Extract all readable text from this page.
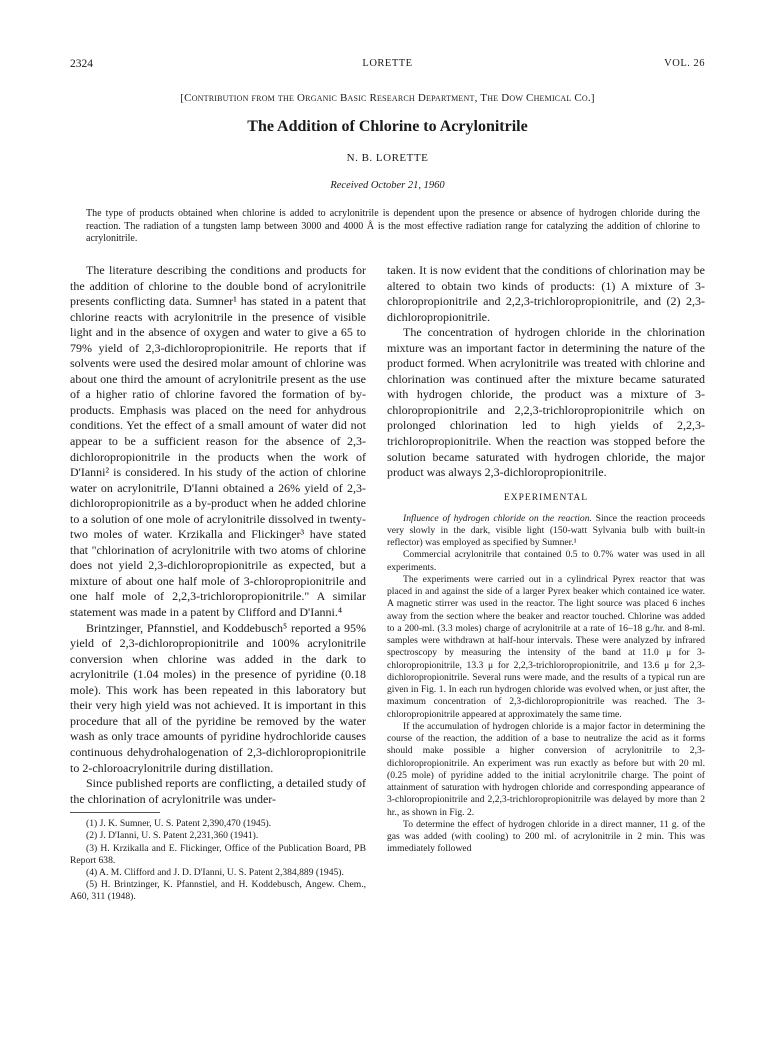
2324	LORETTE	VOL. 26
[Contribution from the Organic Basic Research Department, The Dow Chemical Co.]
The Addition of Chlorine to Acrylonitrile
N. B. LORETTE
Received October 21, 1960
The type of products obtained when chlorine is added to acrylonitrile is dependent upon the presence or absence of hydrogen chloride during the reaction. The radiation of a tungsten lamp between 3000 and 4000 Å is the most effective radiation range for catalyzing the addition of chlorine to acrylonitrile.

The literature describing the conditions and products for the addition of chlorine to the double bond of acrylonitrile presents conflicting data. Sumner¹ has stated in a patent that chlorine reacts with acrylonitrile in the presence of visible light and in the absence of oxygen and water to give a 65 to 79% yield of 2,3-dichloropropionitrile. He reports that if solvents were used the desired molar amount of chlorine was about one third the amount of acrylonitrile present as the use of a higher ratio of chlorine favored the formation of by-products. Emphasis was placed on the need for anhydrous conditions. Yet the effect of a small amount of water did not appear to be a sufficient reason for the absence of 2,3-dichloropropionitrile in the products when the work of D'Ianni² is considered. In his study of the action of chlorine water on acrylonitrile, D'Ianni obtained a 26% yield of 2,3-dichloropropionitrile as a by-product when he added chlorine to a solution of one mole of acrylonitrile dissolved in twenty-two moles of water. Krzikalla and Flickinger³ have stated that "chlorination of acrylonitrile with two atoms of chlorine does not yield 2,3-dichloropropionitrile as expected, but a mixture of about one half mole of 3-chloropropionitrile and one half mole of 2,2,3-trichloropropionitrile." A similar statement was made in a patent by Clifford and D'Ianni.⁴

Brintzinger, Pfannstiel, and Koddebusch⁵ reported a 95% yield of 2,3-dichloropropionitrile and 100% acrylonitrile conversion when chlorine was added in the dark to acrylonitrile (1.04 moles) in the presence of pyridine (0.18 mole). This work has been repeated in this laboratory but their very high yield was not achieved. It is important in this procedure that all of the pyridine be removed by the water wash as only trace amounts of pyridine hydrochloride causes continuous dehydrohalogenation of 2,3-dichloropropionitrile to 2-chloroacrylonitrile during distillation.

Since published reports are conflicting, a detailed study of the chlorination of acrylonitrile was under-

(1) J. K. Sumner, U. S. Patent 2,390,470 (1945).

(2) J. D'Ianni, U. S. Patent 2,231,360 (1941).

(3) H. Krzikalla and E. Flickinger, Office of the Publication Board, PB Report 638.

(4) A. M. Clifford and J. D. D'Ianni, U. S. Patent 2,384,889 (1945).

(5) H. Brintzinger, K. Pfannstiel, and H. Koddebusch, Angew. Chem., A60, 311 (1948).

taken. It is now evident that the conditions of chlorination may be altered to obtain two kinds of products: (1) A mixture of 3-chloropropionitrile and 2,2,3-trichloropropionitrile, and (2) 2,3-dichloropropionitrile.

The concentration of hydrogen chloride in the chlorination mixture was an important factor in determining the nature of the product formed. When acrylonitrile was treated with chlorine and chlorination was continued after the mixture became saturated with hydrogen chloride, the product was a mixture of 3-chloropropionitrile and 2,2,3-trichloropropionitrile which on prolonged chlorination led to high yields of 2,2,3-trichloropropionitrile. When the reaction was stopped before the solution became saturated with hydrogen chloride, the major product was always 2,3-dichloropropionitrile.

EXPERIMENTAL

Influence of hydrogen chloride on the reaction. Since the reaction proceeds very slowly in the dark, visible light (150-watt Sylvania bulb with built-in reflector) was employed as specified by Sumner.¹

Commercial acrylonitrile that contained 0.5 to 0.7% water was used in all experiments.

The experiments were carried out in a cylindrical Pyrex reactor that was placed in and against the side of a larger Pyrex beaker which contained ice water. A magnetic stirrer was used in the reactor. The light source was placed 6 inches away from the section where the beaker and reactor touched. Chlorine was added to a 200-ml. (3.3 moles) charge of acrylonitrile at a rate of 16–18 g./hr. and 8-ml. samples were withdrawn at half-hour intervals. These were analyzed by infrared spectroscopy by measuring the intensity of the band at 11.0 μ for 3-chloropropionitrile, 13.3 μ for 2,2,3-trichloropropionitrile, and 13.6 μ for 2,3-dichloropropionitrile. Several runs were made, and the results of a typical run are given in Fig. 1. In each run hydrogen chloride was evolved when, or just after, the maximum concentration of 2,3-dichloropropionitrile was reached. The 3-chloropropionitrile appeared at approximately the same time.

If the accumulation of hydrogen chloride is a major factor in determining the course of the reaction, the addition of a base to neutralize the acid as it forms should make possible a higher conversion of acrylonitrile to 2,3-dichloropropionitrile. An experiment was run exactly as before but with 20 ml. (0.25 mole) of pyridine added to the initial acrylonitrile charge. The point of attainment of saturation with hydrogen chloride and corresponding appearance of 3-chloropropionitrile and 2,2,3-trichloropropionitrile was delayed by more than 2 hr., as shown in Fig. 2.

To determine the effect of hydrogen chloride in a direct manner, 11 g. of the gas was added (with cooling) to 200 ml. of acrylonitrile in 2 min. This was immediately followed
